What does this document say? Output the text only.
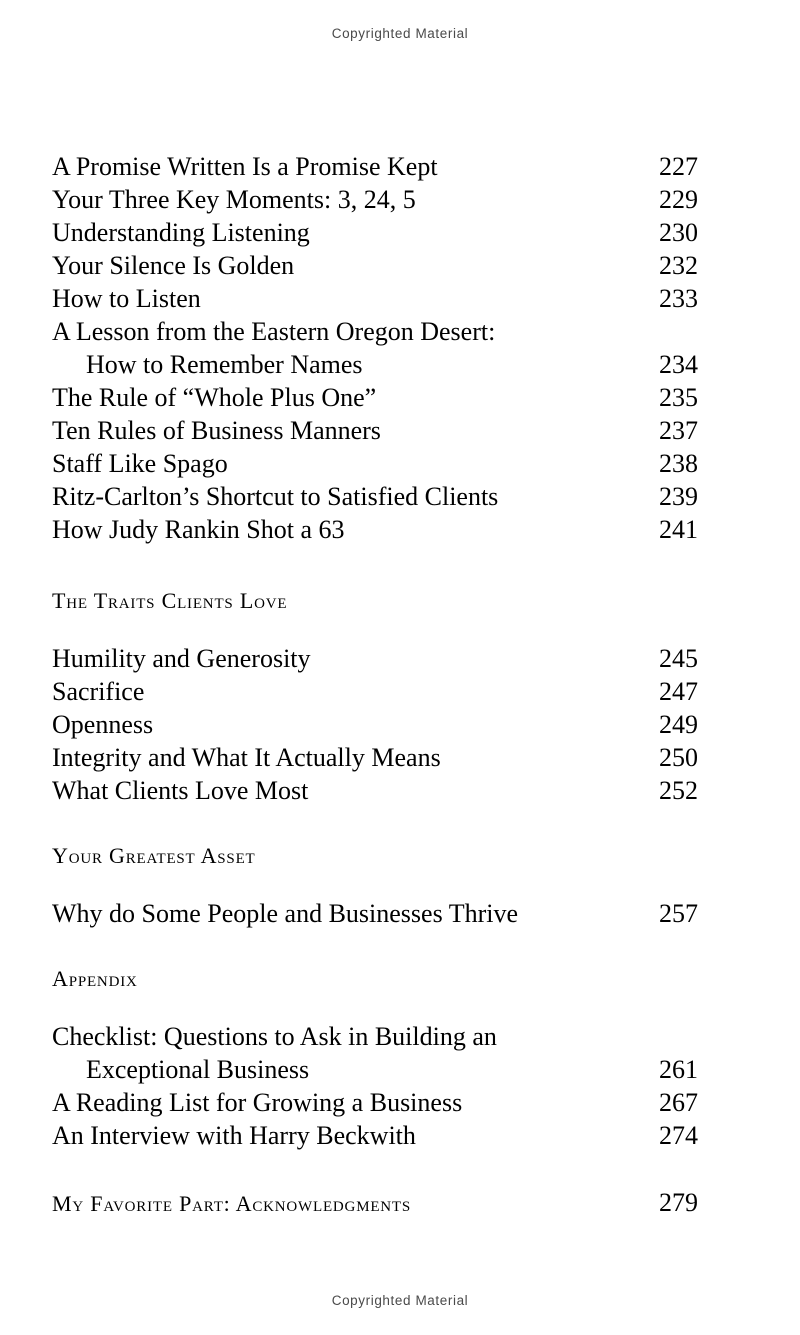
Copyrighted Material
A Promise Written Is a Promise Kept	227
Your Three Key Moments: 3, 24, 5	229
Understanding Listening	230
Your Silence Is Golden	232
How to Listen	233
A Lesson from the Eastern Oregon Desert:
How to Remember Names	234
The Rule of “Whole Plus One”	235
Ten Rules of Business Manners	237
Staff Like Spago	238
Ritz-Carlton’s Shortcut to Satisfied Clients	239
How Judy Rankin Shot a 63	241
The Traits Clients Love
Humility and Generosity	245
Sacrifice	247
Openness	249
Integrity and What It Actually Means	250
What Clients Love Most	252
Your Greatest Asset
Why do Some People and Businesses Thrive	257
Appendix
Checklist: Questions to Ask in Building an
Exceptional Business	261
A Reading List for Growing a Business	267
An Interview with Harry Beckwith	274
My Favorite Part: Acknowledgments	279
Copyrighted Material
